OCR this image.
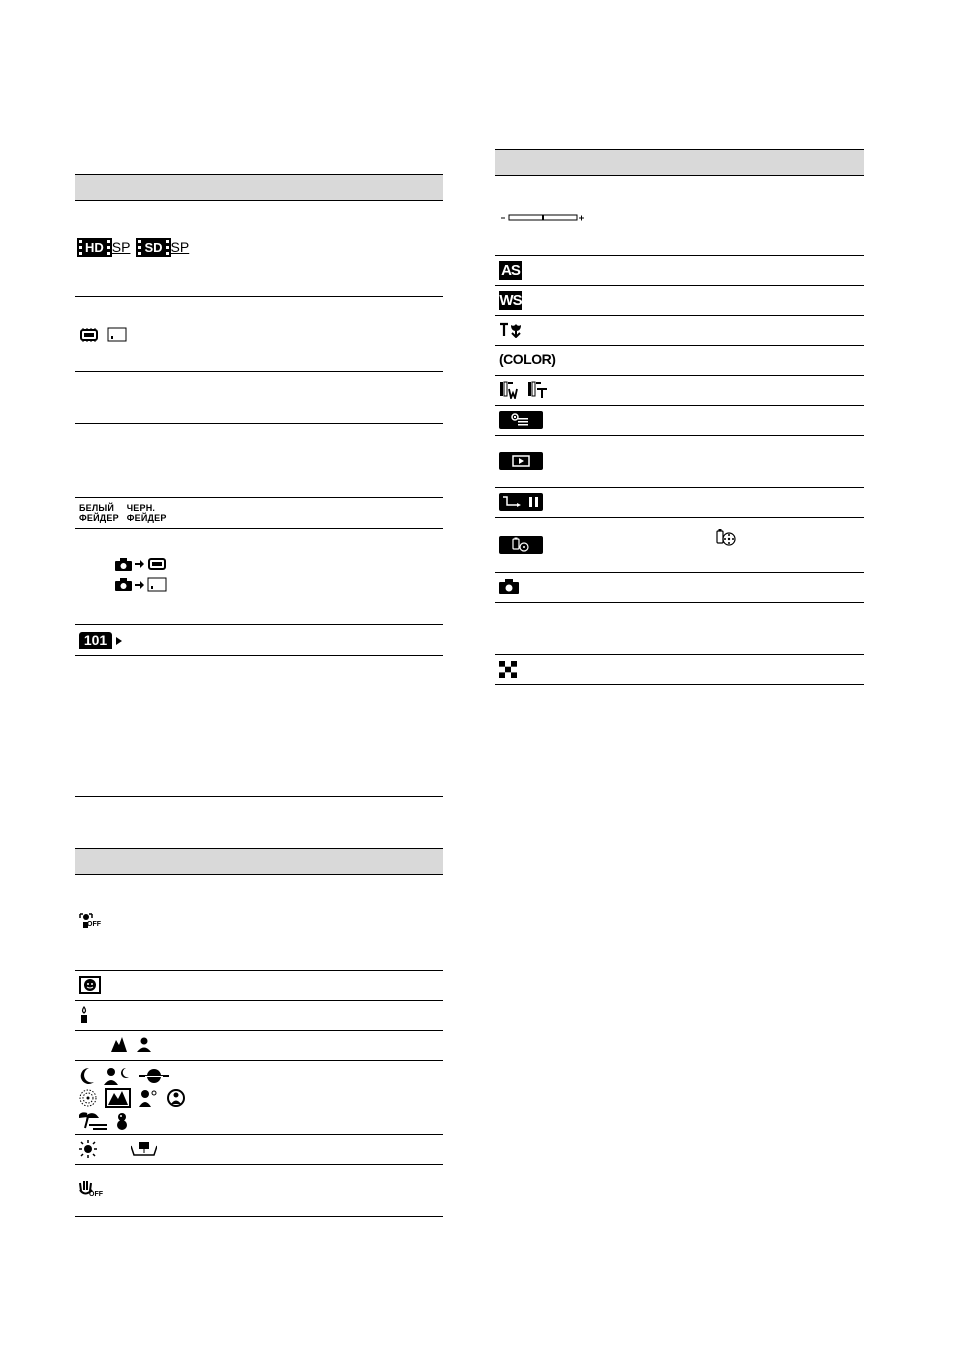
HD SP	SD SP
БЕЛЫЙ
ФЕЙДЕР
ЧЕРН.
ФЕЙДЕР
101
OFF
OFF
AS
WS
(COLOR)
